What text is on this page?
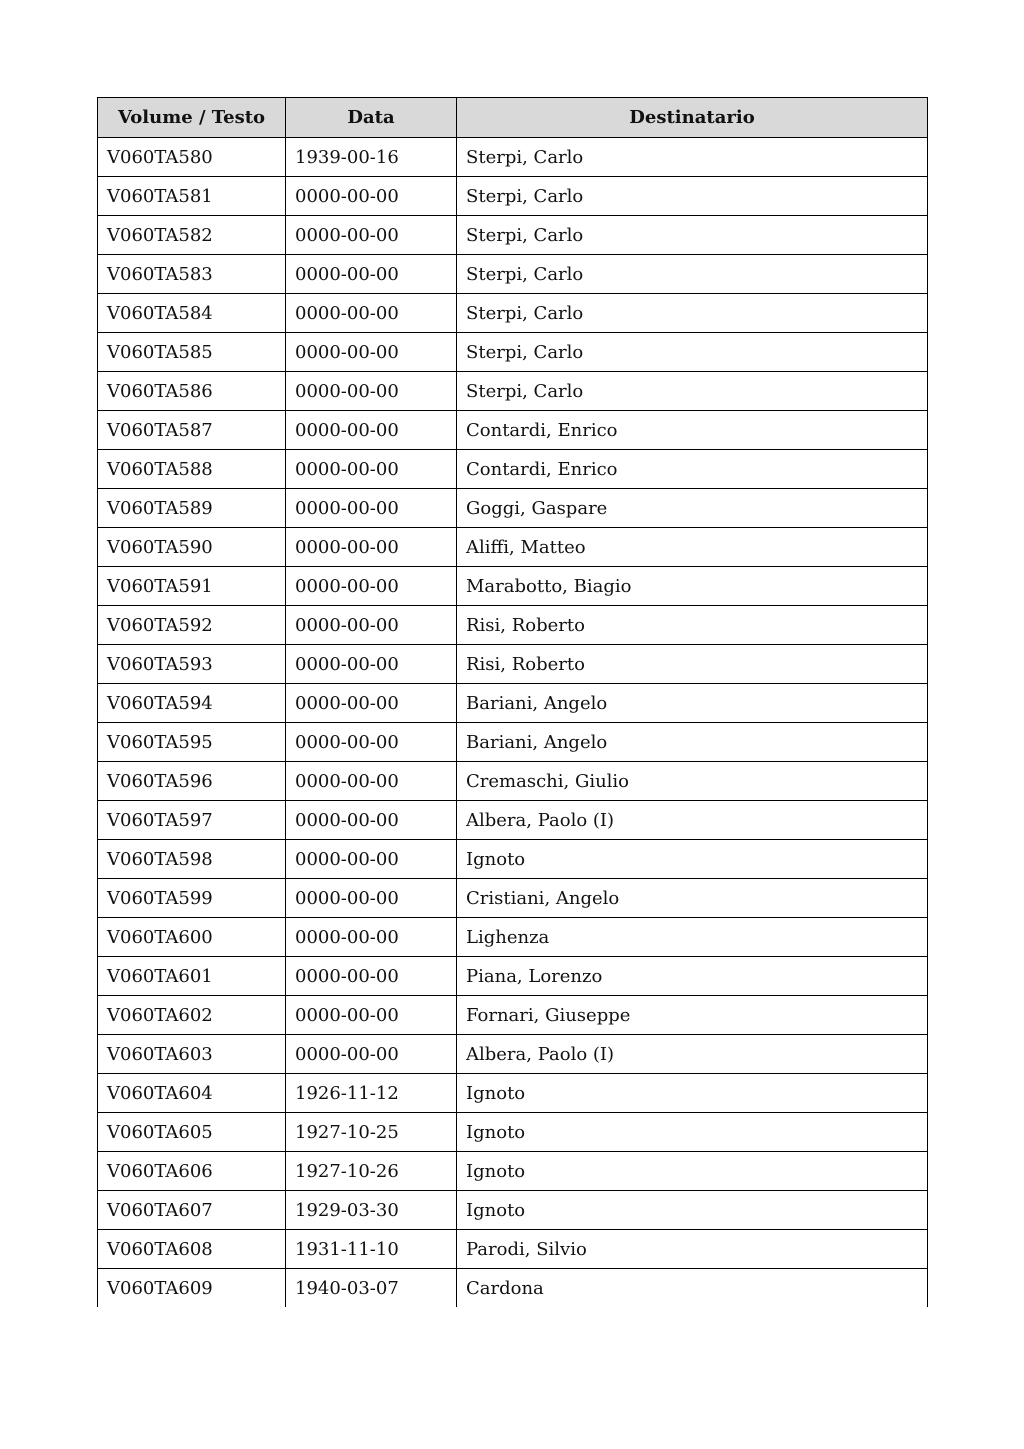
Volume / Testo	Data	Destinatario
V060TA580	1939-00-16	Sterpi, Carlo
V060TA581	0000-00-00	Sterpi, Carlo
V060TA582	0000-00-00	Sterpi, Carlo
V060TA583	0000-00-00	Sterpi, Carlo
V060TA584	0000-00-00	Sterpi, Carlo
V060TA585	0000-00-00	Sterpi, Carlo
V060TA586	0000-00-00	Sterpi, Carlo
V060TA587	0000-00-00	Contardi, Enrico
V060TA588	0000-00-00	Contardi, Enrico
V060TA589	0000-00-00	Goggi, Gaspare
V060TA590	0000-00-00	Aliffi, Matteo
V060TA591	0000-00-00	Marabotto, Biagio
V060TA592	0000-00-00	Risi, Roberto
V060TA593	0000-00-00	Risi, Roberto
V060TA594	0000-00-00	Bariani, Angelo
V060TA595	0000-00-00	Bariani, Angelo
V060TA596	0000-00-00	Cremaschi, Giulio
V060TA597	0000-00-00	Albera, Paolo (I)
V060TA598	0000-00-00	Ignoto
V060TA599	0000-00-00	Cristiani, Angelo
V060TA600	0000-00-00	Lighenza
V060TA601	0000-00-00	Piana, Lorenzo
V060TA602	0000-00-00	Fornari, Giuseppe
V060TA603	0000-00-00	Albera, Paolo (I)
V060TA604	1926-11-12	Ignoto
V060TA605	1927-10-25	Ignoto
V060TA606	1927-10-26	Ignoto
V060TA607	1929-03-30	Ignoto
V060TA608	1931-11-10	Parodi, Silvio
V060TA609	1940-03-07	Cardona
